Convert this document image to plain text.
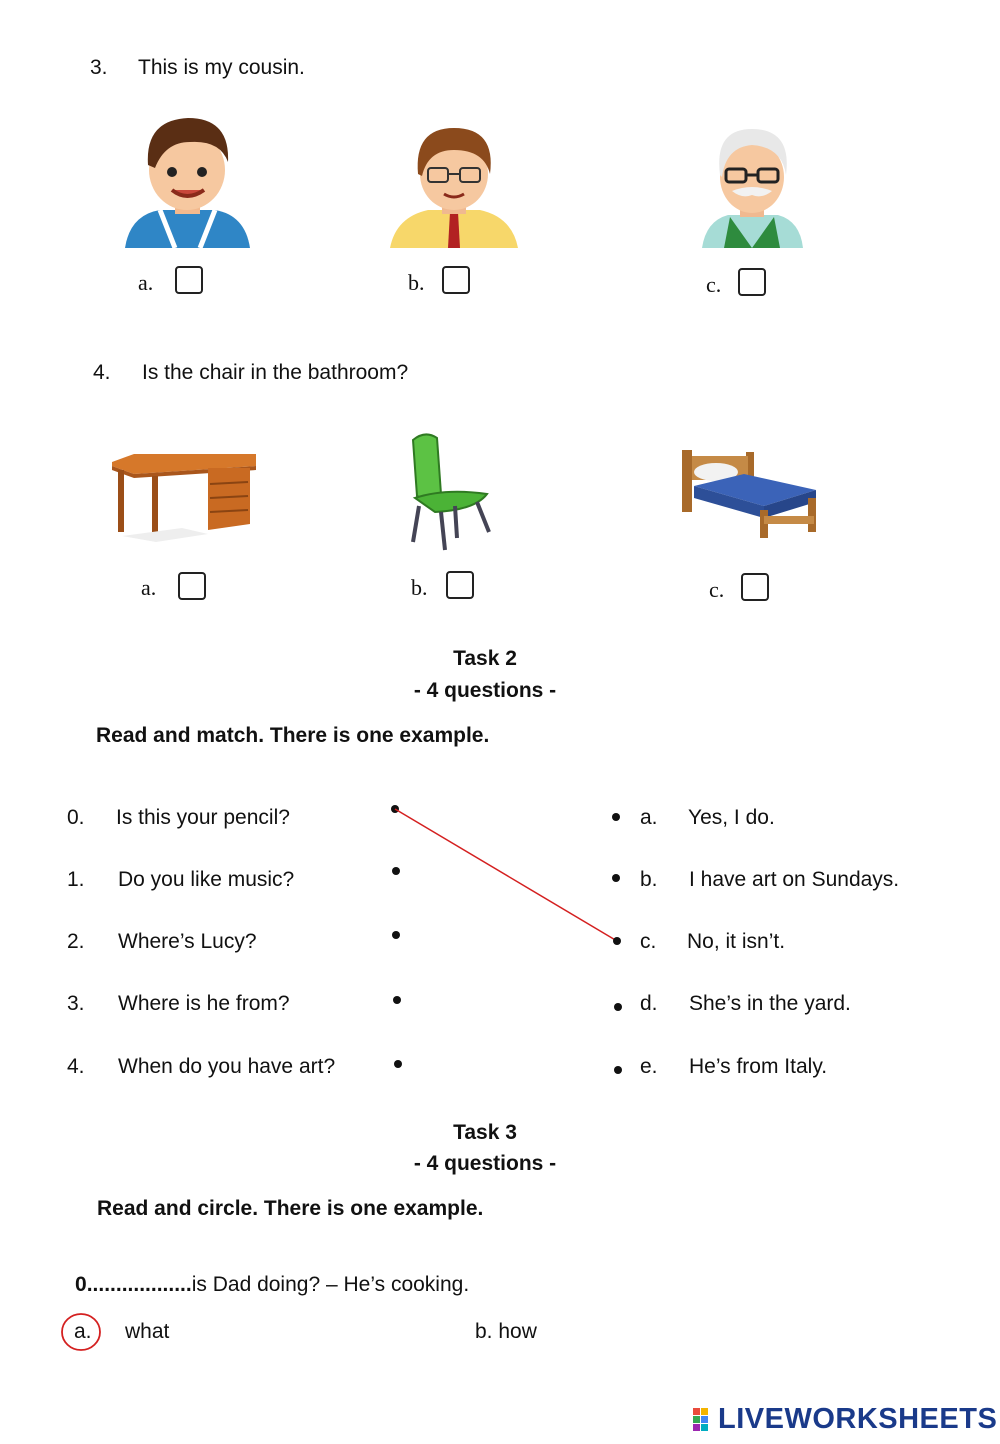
3. This is my cousin.
a.	b.	c.
4. Is the chair in the bathroom?
a.	b.	c.
Task 2
- 4 questions -
Read and match. There is one example.
0. Is this your pencil?
1. Do you like music?
2. Where’s Lucy?
3. Where is he from?
4. When do you have art?
a. Yes, I do.
b. I have art on Sundays.
c. No, it isn’t.
d. She’s in the yard.
e. He’s from Italy.
Task 3
- 4 questions -
Read and circle. There is one example.
0..................is Dad doing? – He’s cooking.
a. what	b. how
LIVEWORKSHEETS
